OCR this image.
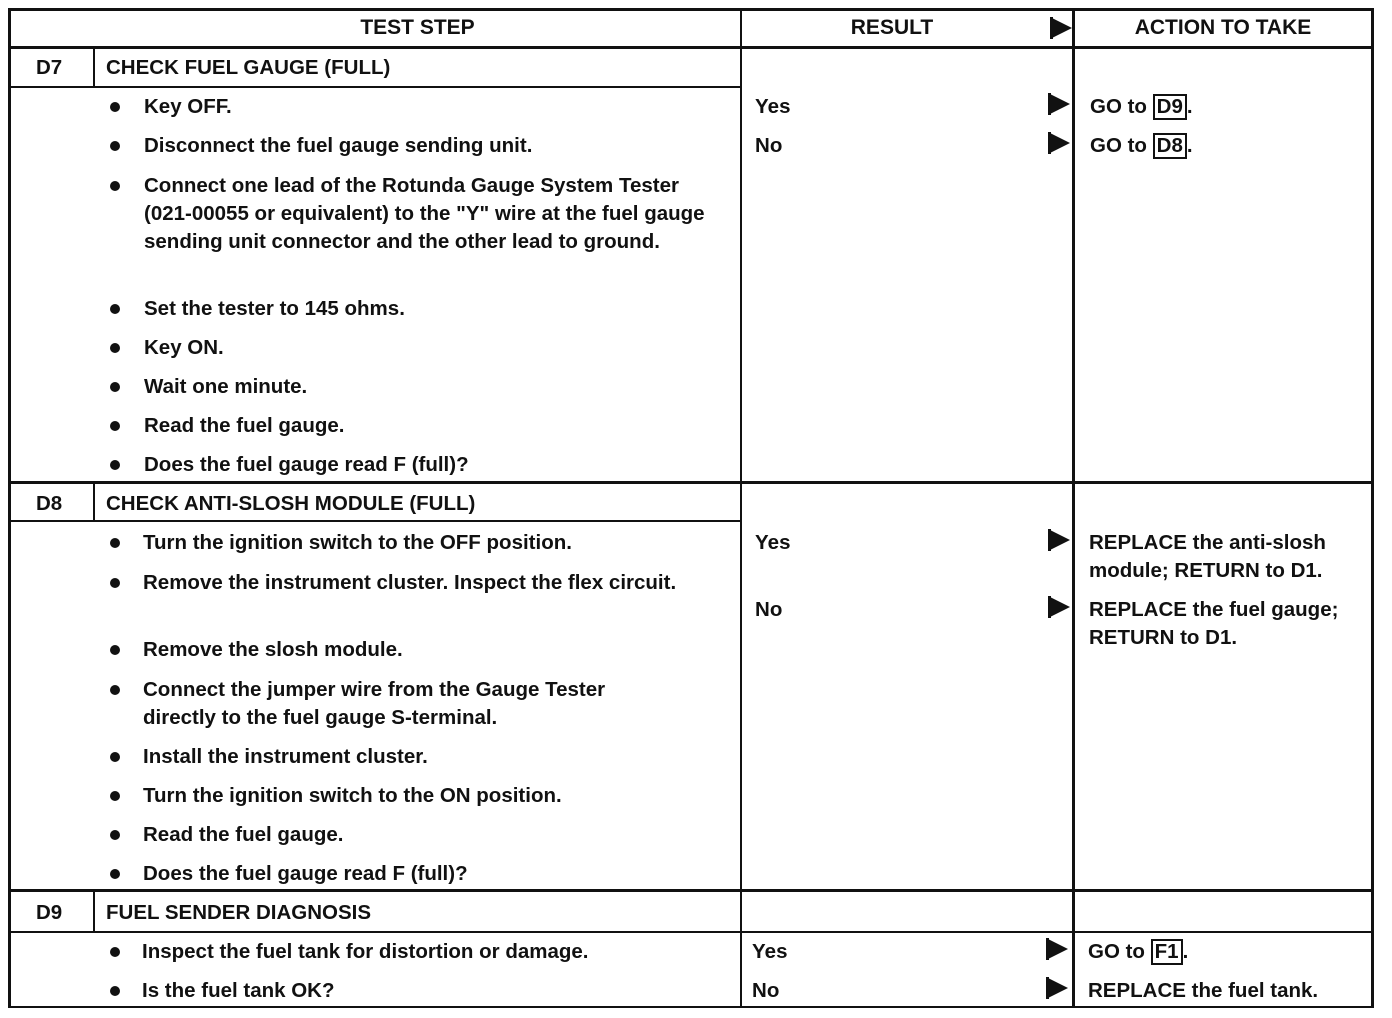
TEST STEP	RESULT	ACTION TO TAKE
D7 CHECK FUEL GAUGE (FULL)
Key OFF.
Disconnect the fuel gauge sending unit.
Connect one lead of the Rotunda Gauge System Tester (021-00055 or equivalent) to the "Y" wire at the fuel gauge sending unit connector and the other lead to ground.
Set the tester to 145 ohms.
Key ON.
Wait one minute.
Read the fuel gauge.
Does the fuel gauge read F (full)?
Yes	GO to D9 .
No	GO to D8 .
D8 CHECK ANTI-SLOSH MODULE (FULL)
Turn the ignition switch to the OFF position.
Remove the instrument cluster. Inspect the flex circuit.
Remove the slosh module.
Connect the jumper wire from the Gauge Tester directly to the fuel gauge S-terminal.
Install the instrument cluster.
Turn the ignition switch to the ON position.
Read the fuel gauge.
Does the fuel gauge read F (full)?
Yes	REPLACE the anti-slosh module; RETURN to D1.
No	REPLACE the fuel gauge; RETURN to D1.
D9 FUEL SENDER DIAGNOSIS
Inspect the fuel tank for distortion or damage.
Is the fuel tank OK?
Yes	GO to F1 .
No	REPLACE the fuel tank.
